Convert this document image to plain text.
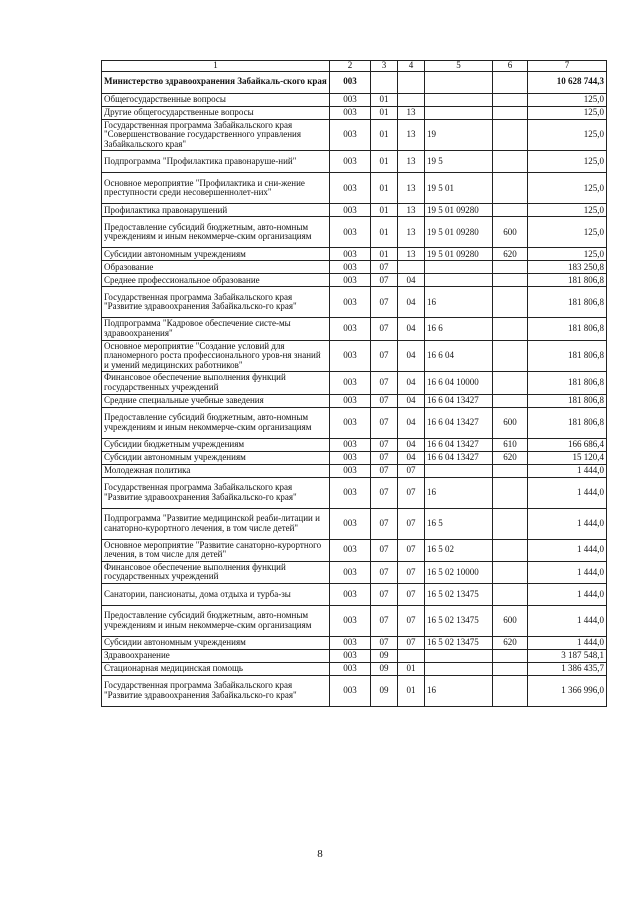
1	2	3	4	5	6	7
Министерство здравоохранения Забайкаль-ского края	003					10 628 744,3
Общегосударственные вопросы	003	01				125,0
Другие общегосударственные вопросы	003	01	13			125,0
Государственная программа Забайкальского края "Совершенствование государственного управления Забайкальского края"	003	01	13	19		125,0
Подпрограмма "Профилактика правонаруше-ний"	003	01	13	19 5		125,0
Основное мероприятие "Профилактика и сни-жение преступности среди несовершеннолет-них"	003	01	13	19 5 01		125,0
Профилактика правонарушений	003	01	13	19 5 01 09280		125,0
Предоставление субсидий бюджетным, авто-номным учреждениям и иным некоммерче-ским организациям	003	01	13	19 5 01 09280	600	125,0
Субсидии автономным учреждениям	003	01	13	19 5 01 09280	620	125,0
Образование	003	07				183 250,8
Среднее профессиональное образование	003	07	04			181 806,8
Государственная программа Забайкальского края "Развитие здравоохранения Забайкальско-го края"	003	07	04	16		181 806,8
Подпрограмма "Кадровое обеспечение систе-мы здравоохранения"	003	07	04	16 6		181 806,8
Основное мероприятие "Создание условий для планомерного роста профессионального уров-ня знаний и умений медицинских работников"	003	07	04	16 6 04		181 806,8
Финансовое обеспечение выполнения функций государственных учреждений	003	07	04	16 6 04 10000		181 806,8
Средние специальные учебные заведения	003	07	04	16 6 04 13427		181 806,8
Предоставление субсидий бюджетным, авто-номным учреждениям и иным некоммерче-ским организациям	003	07	04	16 6 04 13427	600	181 806,8
Субсидии бюджетным учреждениям	003	07	04	16 6 04 13427	610	166 686,4
Субсидии автономным учреждениям	003	07	04	16 6 04 13427	620	15 120,4
Молодежная политика	003	07	07			1 444,0
Государственная программа Забайкальского края "Развитие здравоохранения Забайкальско-го края"	003	07	07	16		1 444,0
Подпрограмма "Развитие медицинской реаби-литации и санаторно-курортного лечения, в том числе детей"	003	07	07	16 5		1 444,0
Основное мероприятие "Развитие санаторно-курортного лечения, в том числе для детей"	003	07	07	16 5 02		1 444,0
Финансовое обеспечение выполнения функций государственных учреждений	003	07	07	16 5 02 10000		1 444,0
Санатории, пансионаты, дома отдыха и турба-зы	003	07	07	16 5 02 13475		1 444,0
Предоставление субсидий бюджетным, авто-номным учреждениям и иным некоммерче-ским организациям	003	07	07	16 5 02 13475	600	1 444,0
Субсидии автономным учреждениям	003	07	07	16 5 02 13475	620	1 444,0
Здравоохранение	003	09				3 187 548,1
Стационарная медицинская помощь	003	09	01			1 386 435,7
Государственная программа Забайкальского края "Развитие здравоохранения Забайкальско-го края"	003	09	01	16		1 366 996,0
8
